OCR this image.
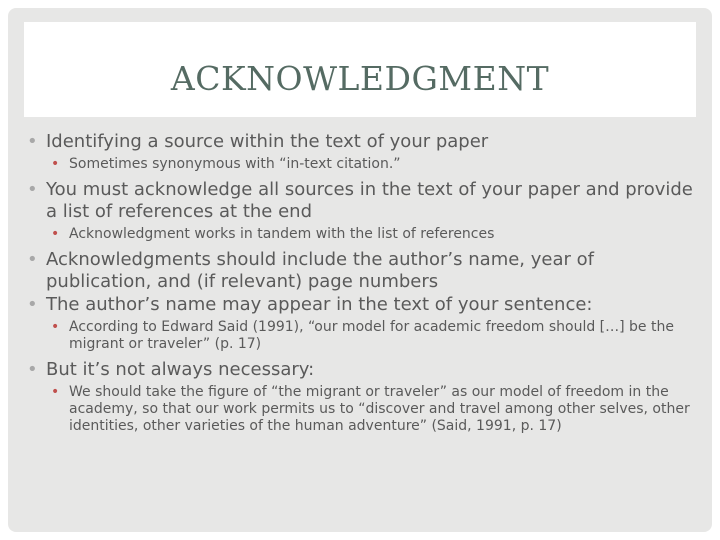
ACKNOWLEDGMENT
• Identifying a source within the text of your paper
• Sometimes synonymous with “in-text citation.”
• You must acknowledge all sources in the text of your paper and provide a list of references at the end
• Acknowledgment works in tandem with the list of references
• Acknowledgments should include the author’s name, year of publication, and (if relevant) page numbers
• The author’s name may appear in the text of your sentence:
• According to Edward Said (1991), “our model for academic freedom should […] be the migrant or traveler” (p. 17)
• But it’s not always necessary:
• We should take the figure of “the migrant or traveler” as our model of freedom in the academy, so that our work permits us to “discover and travel among other selves, other identities, other varieties of the human adventure” (Said, 1991, p. 17)
